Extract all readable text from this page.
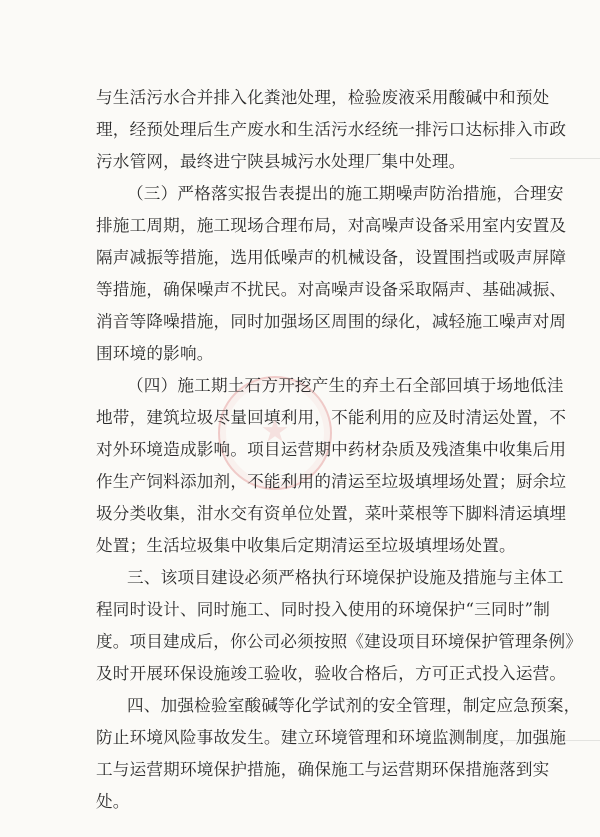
与生活污水合并排入化粪池处理，检验废液采用酸碱中和预处
理，经预处理后生产废水和生活污水经统一排污口达标排入市政
污水管网，最终进宁陕县城污水处理厂集中处理。
（三）严格落实报告表提出的施工期噪声防治措施，合理安
排施工周期，施工现场合理布局，对高噪声设备采用室内安置及
隔声减振等措施，选用低噪声的机械设备，设置围挡或吸声屏障
等措施，确保噪声不扰民。对高噪声设备采取隔声、基础减振、
消音等降噪措施，同时加强场区周围的绿化，减轻施工噪声对周
围环境的影响。
（四）施工期土石方开挖产生的弃土石全部回填于场地低洼
地带，建筑垃圾尽量回填利用，不能利用的应及时清运处置，不
对外环境造成影响。项目运营期中药材杂质及残渣集中收集后用
作生产饲料添加剂，不能利用的清运至垃圾填埋场处置；厨余垃
圾分类收集，泔水交有资单位处置，菜叶菜根等下脚料清运填埋
处置；生活垃圾集中收集后定期清运至垃圾填埋场处置。
三、该项目建设必须严格执行环境保护设施及措施与主体工
程同时设计、同时施工、同时投入使用的环境保护“三同时”制
度。项目建成后，你公司必须按照《建设项目环境保护管理条例》
及时开展环保设施竣工验收，验收合格后，方可正式投入运营。
四、加强检验室酸碱等化学试剂的安全管理，制定应急预案，
防止环境风险事故发生。建立环境管理和环境监测制度，加强施
工与运营期环境保护措施，确保施工与运营期环保措施落到实
处。
